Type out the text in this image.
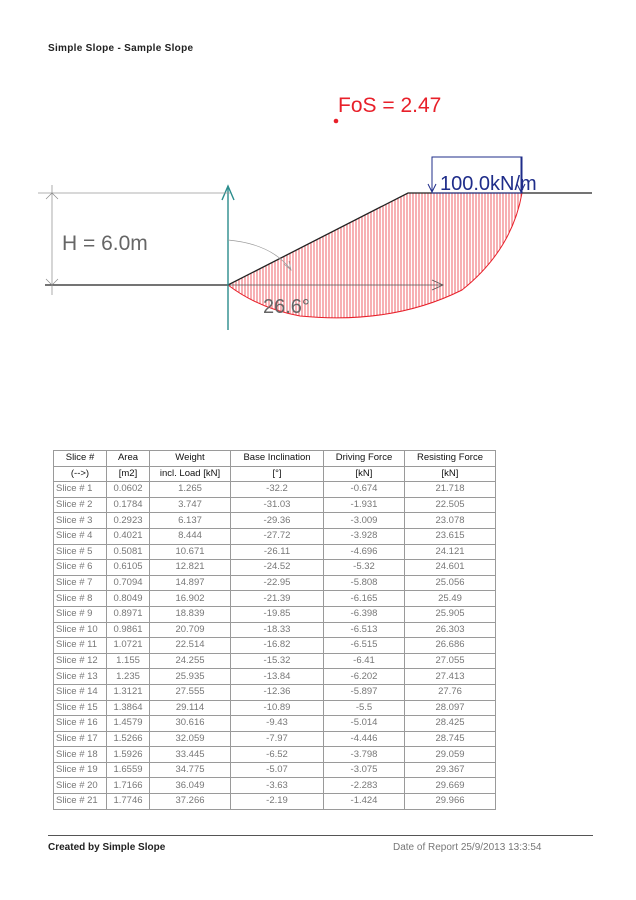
Simple Slope - Sample Slope
FoS = 2.47
100.0kN/m
H = 6.0m
26.6°
Slice #	Area	Weight	Base Inclination	Driving Force	Resisting Force
(-->)	[m2]	incl. Load [kN]	[°]	[kN]	[kN]
Slice # 1	0.0602	1.265	-32.2	-0.674	21.718
Slice # 2	0.1784	3.747	-31.03	-1.931	22.505
Slice # 3	0.2923	6.137	-29.36	-3.009	23.078
Slice # 4	0.4021	8.444	-27.72	-3.928	23.615
Slice # 5	0.5081	10.671	-26.11	-4.696	24.121
Slice # 6	0.6105	12.821	-24.52	-5.32	24.601
Slice # 7	0.7094	14.897	-22.95	-5.808	25.056
Slice # 8	0.8049	16.902	-21.39	-6.165	25.49
Slice # 9	0.8971	18.839	-19.85	-6.398	25.905
Slice # 10	0.9861	20.709	-18.33	-6.513	26.303
Slice # 11	1.0721	22.514	-16.82	-6.515	26.686
Slice # 12	1.155	24.255	-15.32	-6.41	27.055
Slice # 13	1.235	25.935	-13.84	-6.202	27.413
Slice # 14	1.3121	27.555	-12.36	-5.897	27.76
Slice # 15	1.3864	29.114	-10.89	-5.5	28.097
Slice # 16	1.4579	30.616	-9.43	-5.014	28.425
Slice # 17	1.5266	32.059	-7.97	-4.446	28.745
Slice # 18	1.5926	33.445	-6.52	-3.798	29.059
Slice # 19	1.6559	34.775	-5.07	-3.075	29.367
Slice # 20	1.7166	36.049	-3.63	-2.283	29.669
Slice # 21	1.7746	37.266	-2.19	-1.424	29.966
Created by Simple Slope	Date of Report 25/9/2013 13:3:54
